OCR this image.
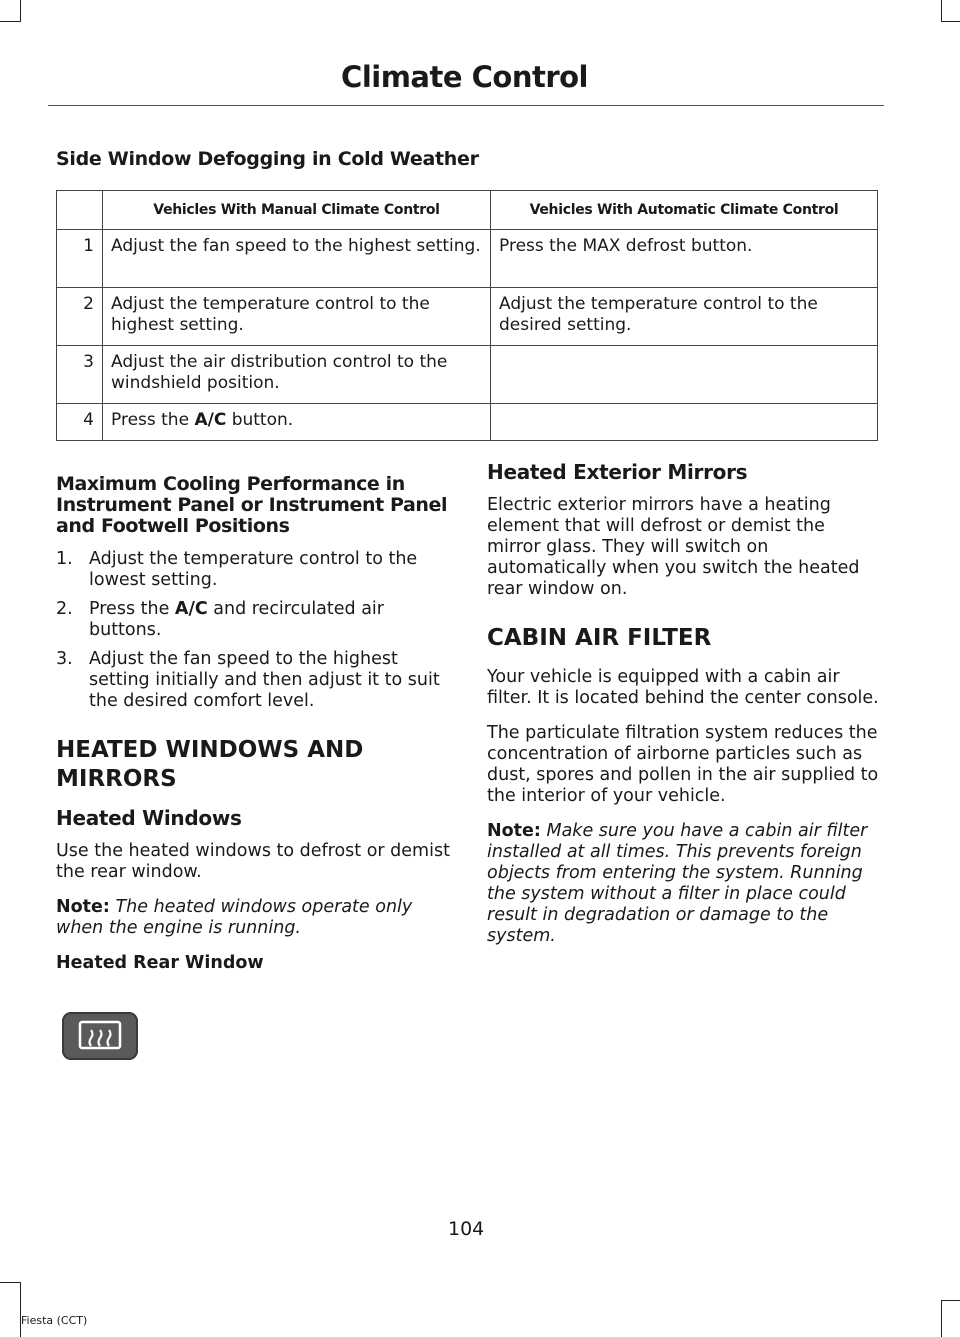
Climate Control
Side Window Defogging in Cold Weather
	Vehicles With Manual Climate Control	Vehicles With Automatic Climate Control
1	Adjust the fan speed to the highest setting.	Press the MAX defrost button.
2	Adjust the temperature control to the highest setting.	Adjust the temperature control to the desired setting.
3	Adjust the air distribution control to the windshield position.	
4	Press the A/C button.	
Maximum Cooling Performance in Instrument Panel or Instrument Panel and Footwell Positions
1. Adjust the temperature control to the lowest setting.
2. Press the A/C and recirculated air buttons.
3. Adjust the fan speed to the highest setting initially and then adjust it to suit the desired comfort level.
HEATED WINDOWS AND MIRRORS
Heated Windows

Use the heated windows to defrost or demist the rear window.

Note: The heated windows operate only when the engine is running.

Heated Rear Window
Heated Exterior Mirrors

Electric exterior mirrors have a heating element that will defrost or demist the mirror glass. They will switch on automatically when you switch the heated rear window on.

CABIN AIR FILTER

Your vehicle is equipped with a cabin air filter. It is located behind the center console.

The particulate filtration system reduces the concentration of airborne particles such as dust, spores and pollen in the air supplied to the interior of your vehicle.

Note: Make sure you have a cabin air filter installed at all times. This prevents foreign objects from entering the system. Running the system without a filter in place could result in degradation or damage to the system.

104
Fiesta (CCT)
